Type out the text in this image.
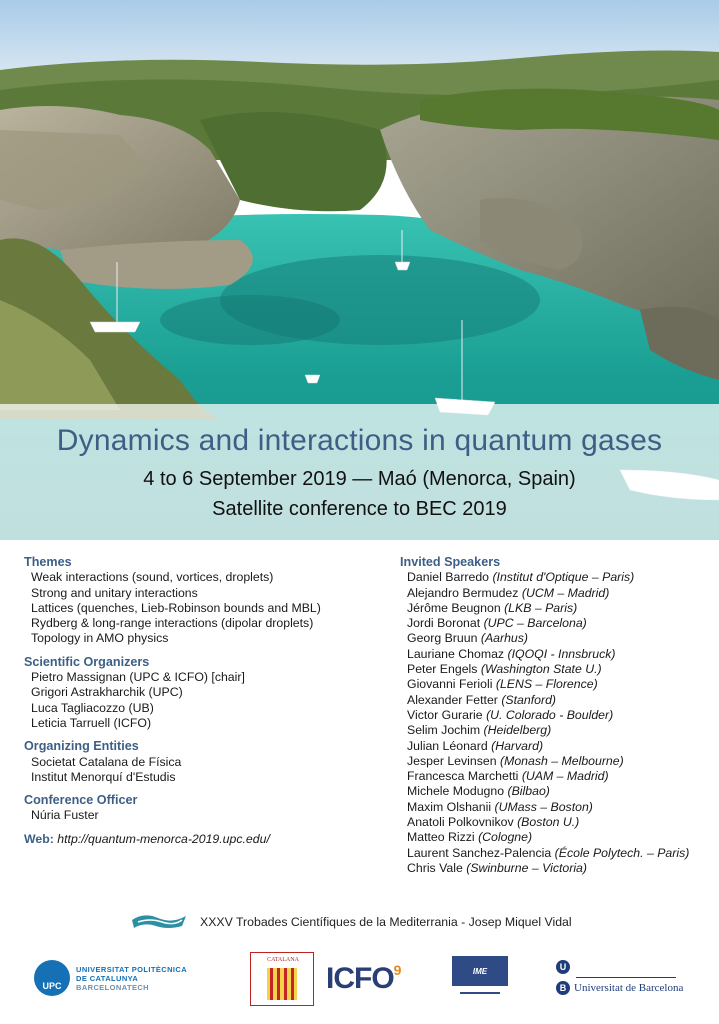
Dynamics and interactions in quantum gases
4 to 6 September 2019 — Maó (Menorca, Spain)
Satellite conference to BEC 2019
Themes
Weak interactions (sound, vortices, droplets)
Strong and unitary interactions
Lattices (quenches, Lieb-Robinson bounds and MBL)
Rydberg & long-range interactions (dipolar droplets)
Topology in AMO physics
Scientific Organizers
Pietro Massignan (UPC & ICFO) [chair]
Grigori Astrakharchik (UPC)
Luca Tagliacozzo (UB)
Leticia Tarruell (ICFO)
Organizing Entities
Societat Catalana de Física
Institut Menorquí d'Estudis
Conference Officer
Núria Fuster
Web: http://quantum-menorca-2019.upc.edu/
Invited Speakers
Daniel Barredo (Institut d'Optique – Paris)
Alejandro Bermudez (UCM – Madrid)
Jérôme Beugnon (LKB – Paris)
Jordi Boronat (UPC – Barcelona)
Georg Bruun (Aarhus)
Lauriane Chomaz (IQOQI - Innsbruck)
Peter Engels (Washington State U.)
Giovanni Ferioli (LENS – Florence)
Alexander Fetter (Stanford)
Victor Gurarie (U. Colorado - Boulder)
Selim Jochim (Heidelberg)
Julian Léonard (Harvard)
Jesper Levinsen (Monash – Melbourne)
Francesca Marchetti (UAM – Madrid)
Michele Modugno (Bilbao)
Maxim Olshanii (UMass – Boston)
Anatoli Polkovnikov (Boston U.)
Matteo Rizzi (Cologne)
Laurent Sanchez-Palencia (École Polytech. – Paris)
Chris Vale (Swinburne – Victoria)
XXXV Trobades Científiques de la Mediterrania - Josep Miquel Vidal
UPC
UNIVERSITAT POLITÈCNICA
DE CATALUNYA
BARCELONATECH
CATALANA
ICFO$^9$	IME	U
B Universitat de Barcelona
